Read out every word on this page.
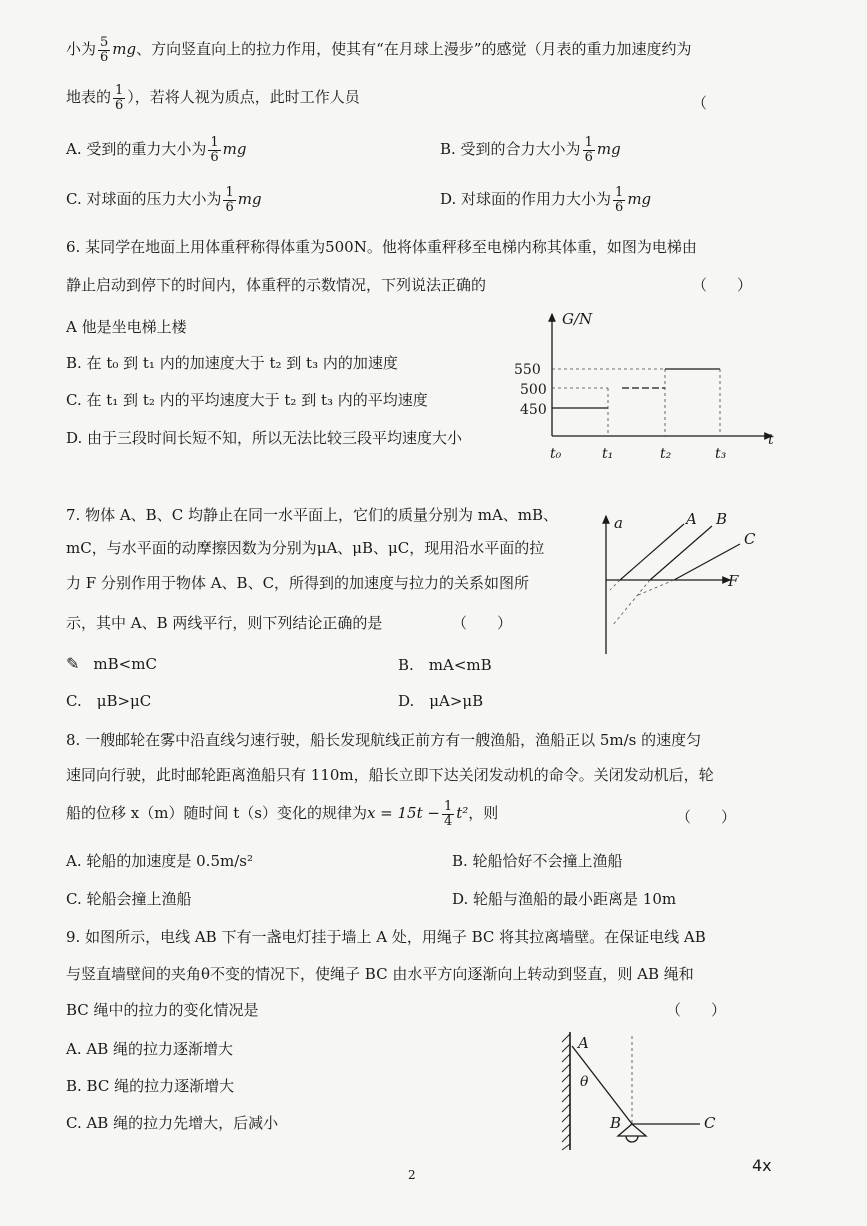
小为 $\frac{5}{6}$ mg、方向竖直向上的拉力作用，使其有“在月球上漫步”的感觉（月表的重力加速度约为
地表的 $\frac{1}{6}$ ），若将人视为质点，此时工作人员	（
A. 受到的重力大小为 $\frac{1}{6}$ mg	B. 受到的合力大小为 $\frac{1}{6}$ mg
C. 对球面的压力大小为 $\frac{1}{6}$ mg	D. 对球面的作用力大小为 $\frac{1}{6}$ mg
6. 某同学在地面上用体重秤称得体重为500N。他将体重秤移至电梯内称其体重，如图为电梯由
静止启动到停下的时间内，体重秤的示数情况，下列说法正确的	（　　）
A 他是坐电梯上楼
B. 在 t₀ 到 t₁ 内的加速度大于 t₂ 到 t₃ 内的加速度
C. 在 t₁ 到 t₂ 内的平均速度大于 t₂ 到 t₃ 内的平均速度
D. 由于三段时间长短不知，所以无法比较三段平均速度大小
G/N
t
550
500
450
t₀	t₁	t₂	t₃
7. 物体 A、B、C 均静止在同一水平面上，它们的质量分别为 mA、mB、
mC，与水平面的动摩擦因数为分别为μA、μB、μC，现用沿水平面的拉
力 F 分别作用于物体 A、B、C，所得到的加速度与拉力的关系如图所
示，其中 A、B 两线平行，则下列结论正确的是	（　　）
✎ mB<mC	B.　mA<mB
C.　μB>μC	D.　μA>μB
a
F
A B
C
8. 一艘邮轮在雾中沿直线匀速行驶，船长发现航线正前方有一艘渔船，渔船正以 5m/s 的速度匀
速同向行驶，此时邮轮距离渔船只有 110m，船长立即下达关闭发动机的命令。关闭发动机后，轮
船的位移 x（m）随时间 t（s）变化的规律为$x = 15t - \frac{1}{4} t^2$，则	（　　）
A. 轮船的加速度是 0.5m/s²	B. 轮船恰好不会撞上渔船
C. 轮船会撞上渔船	D. 轮船与渔船的最小距离是 10m
9. 如图所示，电线 AB 下有一盏电灯挂于墙上 A 处，用绳子 BC 将其拉离墙壁。在保证电线 AB
与竖直墙壁间的夹角θ不变的情况下，使绳子 BC 由水平方向逐渐向上转动到竖直，则 AB 绳和
BC 绳中的拉力的变化情况是	（　　）
A. AB 绳的拉力逐渐增大
B. BC 绳的拉力逐渐增大
C. AB 绳的拉力先增大，后减小
A
θ
B	C
2	4x
